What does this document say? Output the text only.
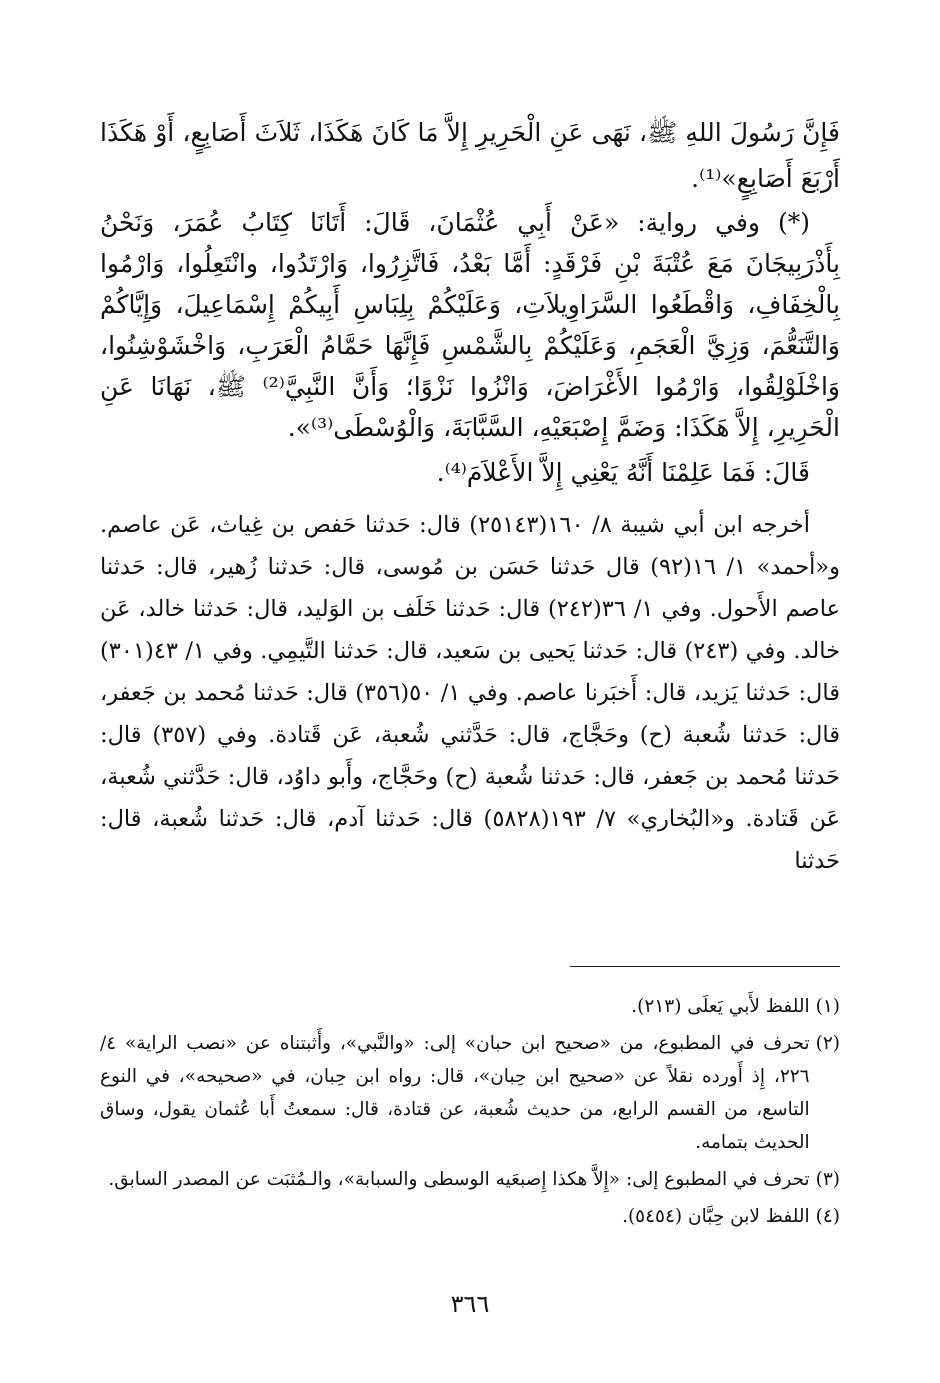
فَإِنَّ رَسُولَ اللهِ ﷺ، نَهَى عَنِ الْحَرِيرِ إِلاَّ مَا كَانَ هَكَذَا، ثَلاَثَ أَصَابِعٍ، أَوْ هَكَذَا أَرْبَعَ أَصَابِعٍ»⁽¹⁾.

(*) وفي رواية: «عَنْ أَبِي عُثْمَانَ، قَالَ: أَتَانَا كِتَابُ عُمَرَ، وَنَحْنُ بِأَذْرَبِيجَانَ مَعَ عُتْبَةَ بْنِ فَرْقَدٍ: أَمَّا بَعْدُ، فَاتَّزِرُوا، وَارْتَدُوا، وانْتَعِلُوا، وَارْمُوا بِالْخِفَافِ، وَاقْطَعُوا السَّرَاوِيلاَتِ، وَعَلَيْكُمْ بِلِبَاسِ أَبِيكُمْ إِسْمَاعِيلَ، وَإِيَّاكُمْ وَالتَّنَعُّمَ، وَزِيَّ الْعَجَمِ، وَعَلَيْكُمْ بِالشَّمْسِ فَإِنَّهَا حَمَّامُ الْعَرَبِ، وَاخْشَوْشِنُوا، وَاخْلَوْلِقُوا، وَارْمُوا الأَغْرَاضَ، وَانْزُوا نَزْوًا؛ وَأَنَّ النَّبِيَّ⁽²⁾ ﷺ، نَهَانَا عَنِ الْحَرِيرِ، إِلاَّ هَكَذَا: وَضَمَّ إِصْبَعَيْهِ، السَّبَّابَةَ، وَالْوُسْطَى⁽³⁾».

قَالَ: فَمَا عَلِمْنَا أَنَّهُ يَعْنِي إِلاَّ الأَعْلاَمَ⁽⁴⁾.

أخرجه ابن أبي شيبة ٨/ ١٦٠(٢٥١٤٣) قال: حَدثنا حَفص بن غِياث، عَن عاصم. و«أحمد» ١/ ١٦(٩٢) قال حَدثنا حَسَن بن مُوسى، قال: حَدثنا زُهير، قال: حَدثنا عاصم الأَحول. وفي ١/ ٣٦(٢٤٢) قال: حَدثنا خَلَف بن الوَليد، قال: حَدثنا خالد، عَن خالد. وفي (٢٤٣) قال: حَدثنا يَحيى بن سَعيد، قال: حَدثنا التَّيمِي. وفي ١/ ٤٣(٣٠١) قال: حَدثنا يَزيد، قال: أَخبَرنا عاصم. وفي ١/ ٥٠(٣٥٦) قال: حَدثنا مُحمد بن جَعفر، قال: حَدثنا شُعبة (ح) وحَجَّاج، قال: حَدَّثني شُعبة، عَن قَتادة. وفي (٣٥٧) قال: حَدثنا مُحمد بن جَعفر، قال: حَدثنا شُعبة (ح) وحَجَّاج، وأَبو داوُد، قال: حَدَّثني شُعبة، عَن قَتادة. و«البُخاري» ٧/ ١٩٣(٥٨٢٨) قال: حَدثنا آدم، قال: حَدثنا شُعبة، قال: حَدثنا

(١)
اللفظ لأَبي يَعلَى (٢١٣).
(٢)
تحرف في المطبوع، من «صحيح ابن حبان» إلى: «والنَّبي»، وأَثبتناه عن «نصب الراية» ٤/ ٢٢٦، إِذ أَورده نقلاً عن «صحيح ابن حِبان»، قال: رواه ابن حِبان، في «صحيحه»، في النوع التاسع، من القسم الرابع، من حديث شُعبة، عن قتادة، قال: سمعتُ أَبا عُثمان يقول، وساق الحديث بتمامه.
(٣)
تحرف في المطبوع إلى: «إِلاَّ هكذا إِصبعَيه الوسطى والسبابة»، والـمُثبَت عن المصدر السابق.
(٤)
اللفظ لابن حِبَّان (٥٤٥٤).
٣٦٦
